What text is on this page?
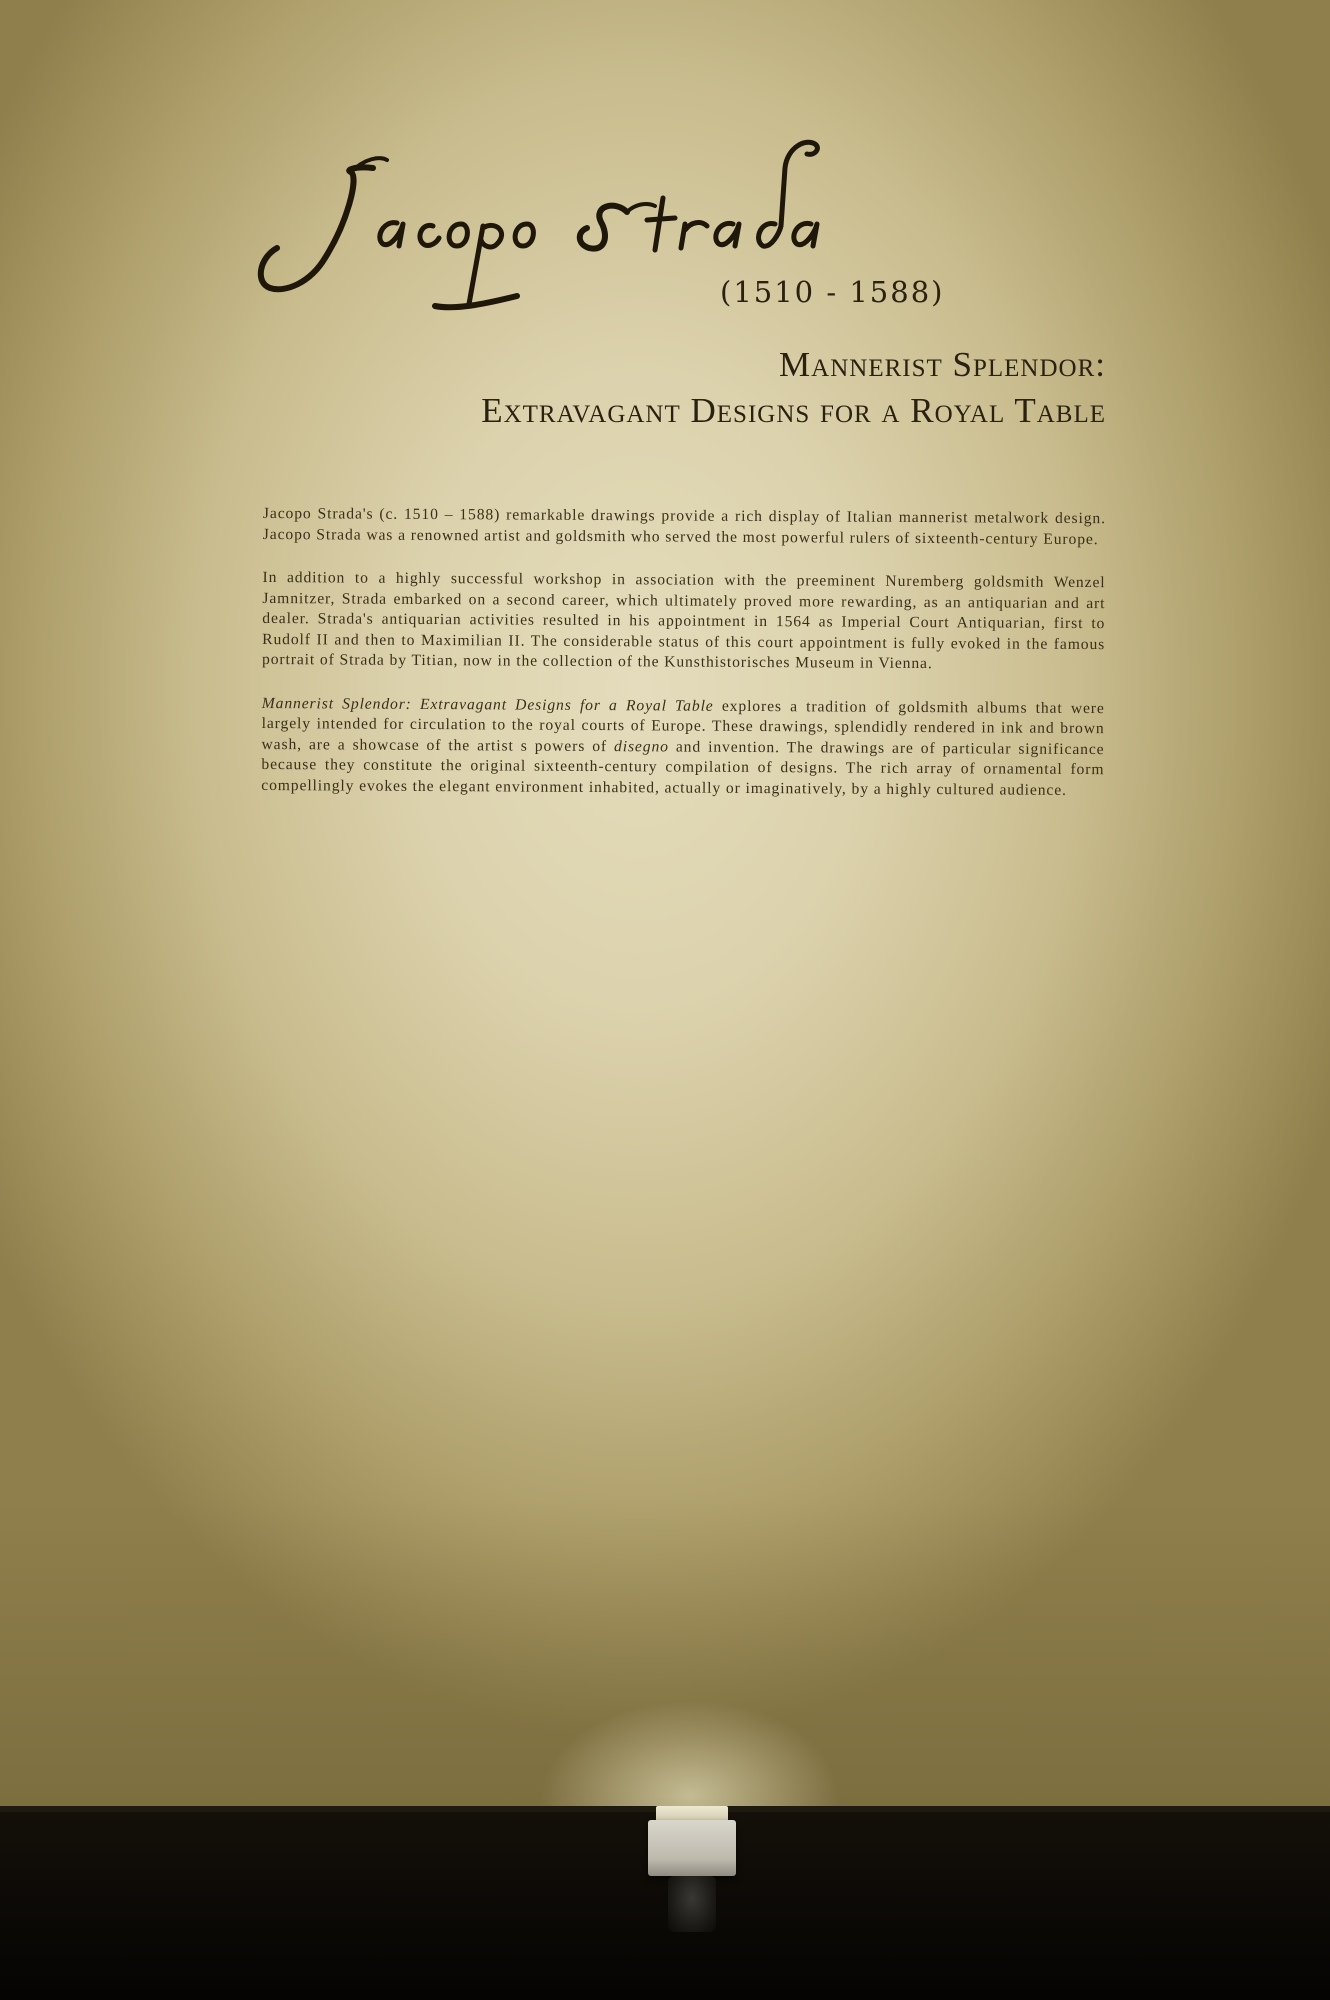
(1510 - 1588)
Mannerist Splendor:
Extravagant Designs for a Royal Table

Jacopo Strada's (c. 1510 – 1588) remarkable drawings provide a rich display of Italian mannerist metalwork design. Jacopo Strada was a renowned artist and goldsmith who served the most powerful rulers of sixteenth-century Europe.

In addition to a highly successful workshop in association with the preeminent Nuremberg goldsmith Wenzel Jamnitzer, Strada embarked on a second career, which ultimately proved more rewarding, as an antiquarian and art dealer. Strada's antiquarian activities resulted in his appointment in 1564 as Imperial Court Antiquarian, first to Rudolf II and then to Maximilian II. The considerable status of this court appointment is fully evoked in the famous portrait of Strada by Titian, now in the collection of the Kunsthistorisches Museum in Vienna.

Mannerist Splendor: Extravagant Designs for a Royal Table explores a tradition of goldsmith albums that were largely intended for circulation to the royal courts of Europe. These drawings, splendidly rendered in ink and brown wash, are a showcase of the artist s powers of disegno and invention. The drawings are of particular significance because they constitute the original sixteenth-century compilation of designs. The rich array of ornamental form compellingly evokes the elegant environment inhabited, actually or imaginatively, by a highly cultured audience.
